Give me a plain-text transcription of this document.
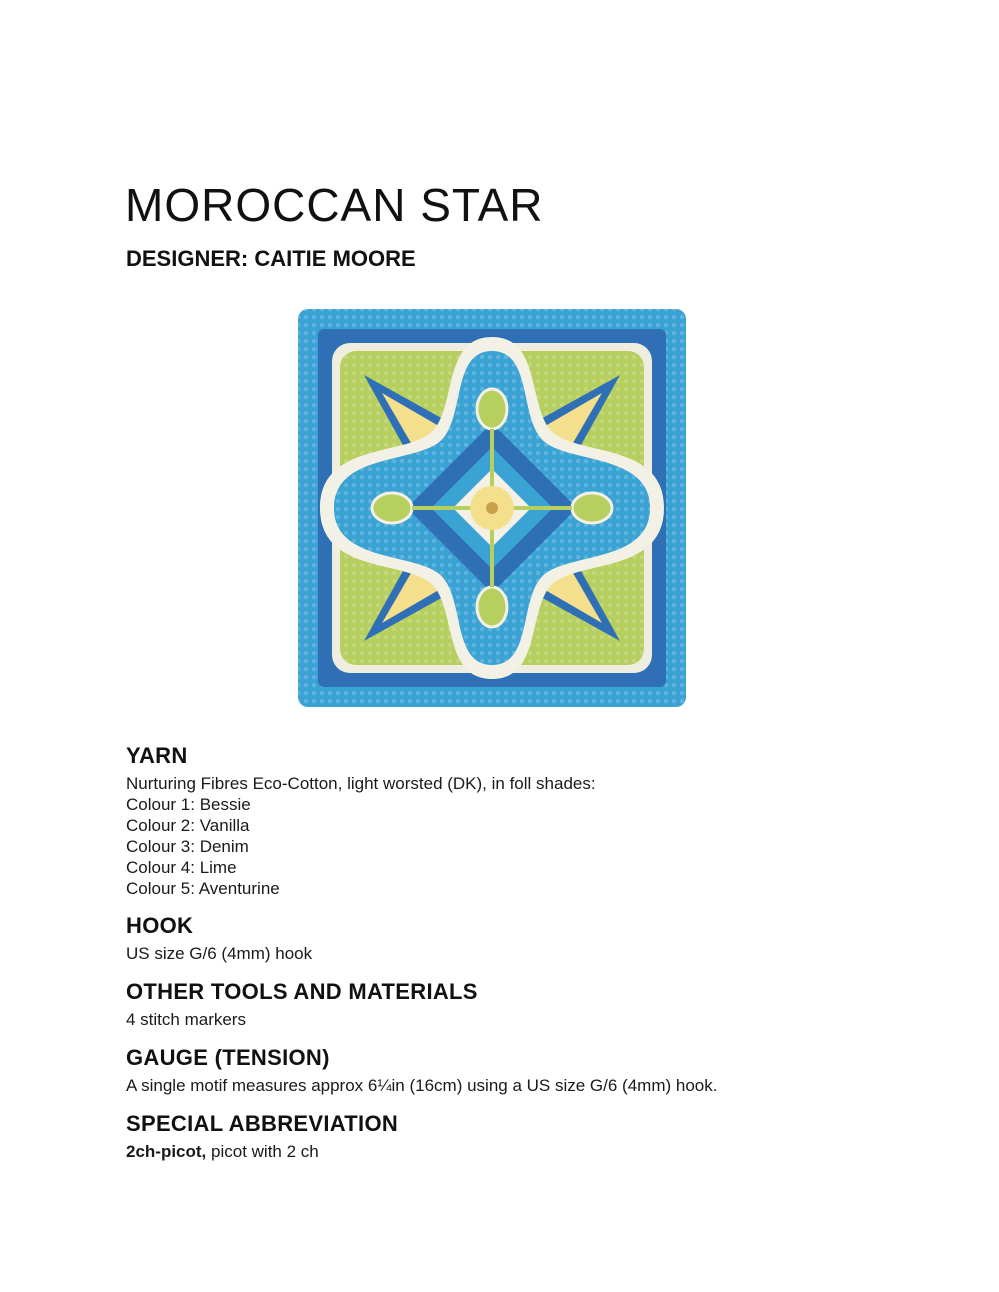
MOROCCAN STAR
DESIGNER: CAITIE MOORE
YARN
Nurturing Fibres Eco-Cotton, light worsted (DK), in foll shades:
Colour 1: Bessie
Colour 2: Vanilla
Colour 3: Denim
Colour 4: Lime
Colour 5: Aventurine
HOOK
US size G/6 (4mm) hook
OTHER TOOLS AND MATERIALS
4 stitch markers
GAUGE (TENSION)
A single motif measures approx 6¼in (16cm) using a US size G/6 (4mm) hook.
SPECIAL ABBREVIATION
2ch-picot, picot with 2 ch
